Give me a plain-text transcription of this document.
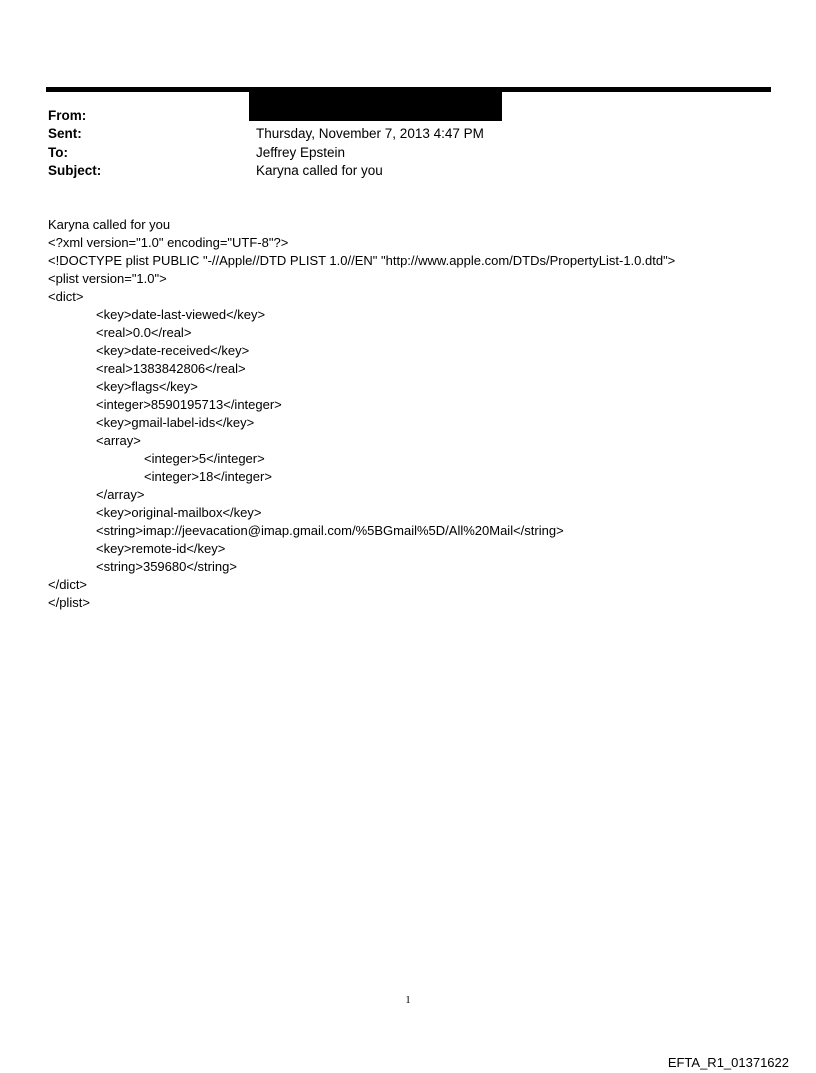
From:
Sent:	Thursday, November 7, 2013 4:47 PM
To:	Jeffrey Epstein
Subject:	Karyna called for you
Karyna called for you
<?xml version="1.0" encoding="UTF-8"?>
<!DOCTYPE plist PUBLIC "-//Apple//DTD PLIST 1.0//EN" "http://www.apple.com/DTDs/PropertyList-1.0.dtd">
<plist version="1.0">
<dict>
<key>date-last-viewed</key>
<real>0.0</real>
<key>date-received</key>
<real>1383842806</real>
<key>flags</key>
<integer>8590195713</integer>
<key>gmail-label-ids</key>
<array>
<integer>5</integer>
<integer>18</integer>
</array>
<key>original-mailbox</key>
<string>imap://jeevacation@imap.gmail.com/%5BGmail%5D/All%20Mail</string>
<key>remote-id</key>
<string>359680</string>
</dict>
</plist>
1
EFTA_R1_01371622
